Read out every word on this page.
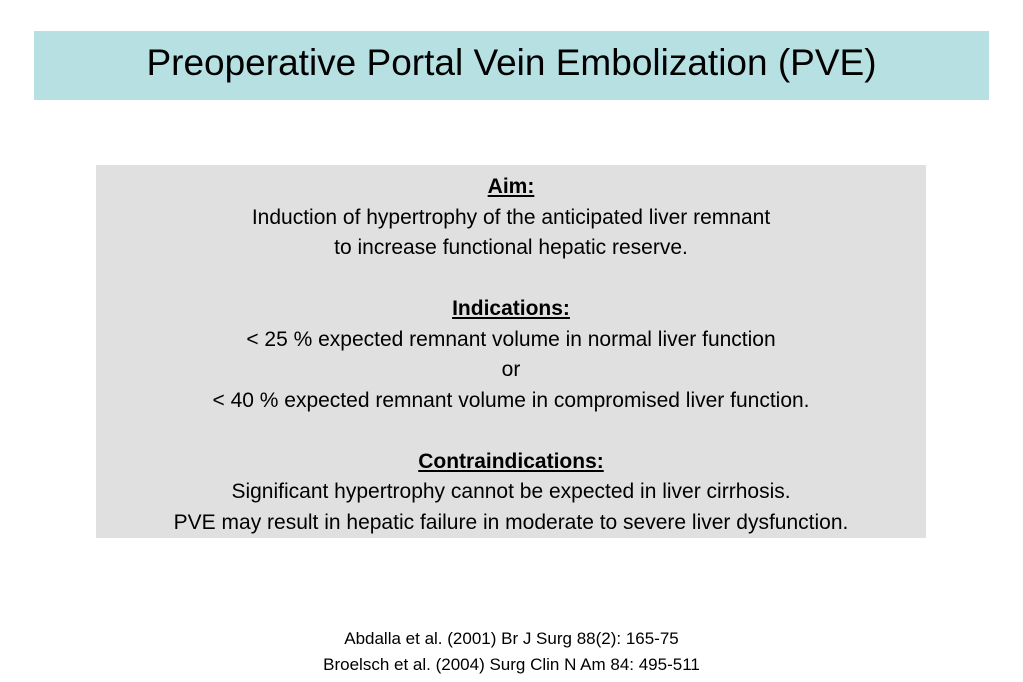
Preoperative Portal Vein Embolization (PVE)
Aim:
Induction of hypertrophy of the anticipated liver remnant
to increase functional hepatic reserve.
Indications:
< 25 % expected remnant volume in normal liver function
or
< 40 % expected remnant volume in compromised liver function.
Contraindications:
Significant hypertrophy cannot be expected in liver cirrhosis.
PVE may result in hepatic failure in moderate to severe liver dysfunction.
Abdalla et al. (2001) Br J Surg 88(2): 165-75
Broelsch et al. (2004) Surg Clin N Am 84: 495-511
